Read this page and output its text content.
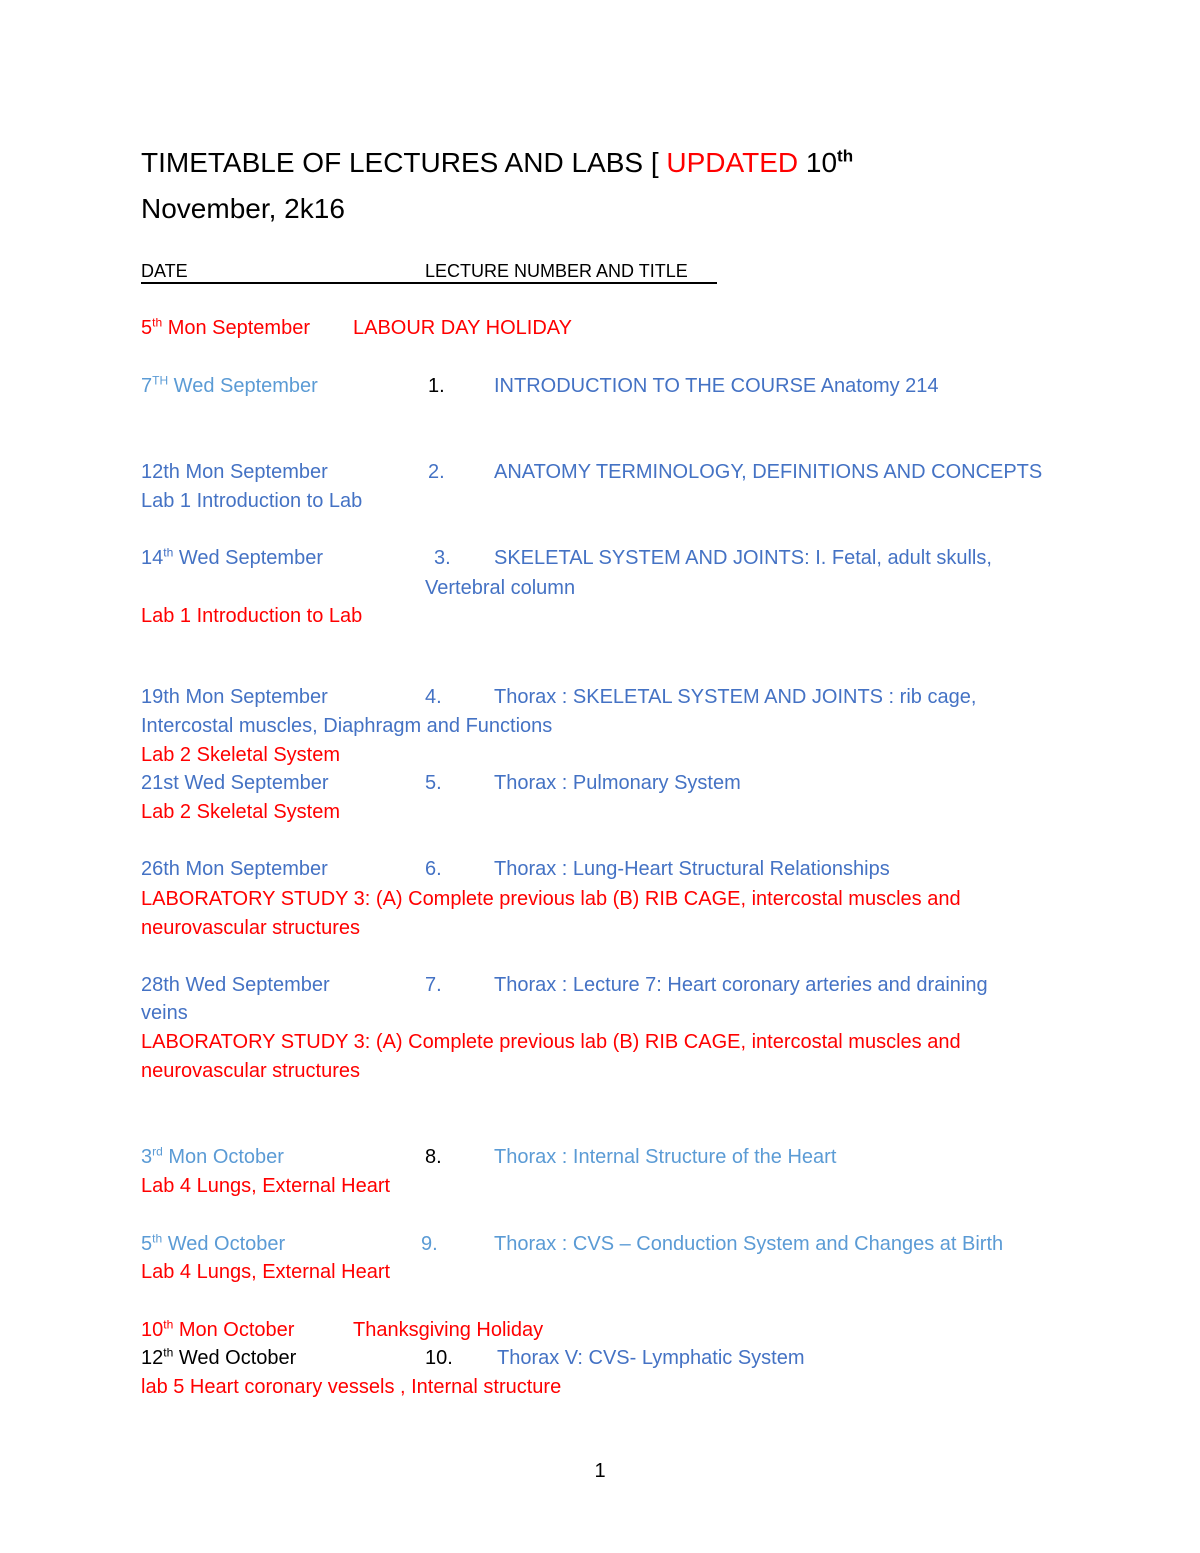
TIMETABLE OF LECTURES AND LABS [ UPDATED 10th
November, 2k16
DATE	LECTURE NUMBER AND TITLE
5th Mon September LABOUR DAY HOLIDAY
7TH Wed September	1. INTRODUCTION TO THE COURSE Anatomy 214
12th Mon September	2. ANATOMY TERMINOLOGY, DEFINITIONS AND CONCEPTS
Lab 1 Introduction to Lab
14th Wed September	3. SKELETAL SYSTEM AND JOINTS: I. Fetal, adult skulls,
Vertebral column
Lab 1 Introduction to Lab
19th Mon September	4.	Thorax : SKELETAL SYSTEM AND JOINTS : rib cage,
Intercostal muscles, Diaphragm and Functions
Lab 2 Skeletal System
21st Wed September	5.	Thorax : Pulmonary System
Lab 2 Skeletal System
26th Mon September	6.	Thorax : Lung-Heart Structural Relationships
LABORATORY STUDY 3: (A) Complete previous lab (B) RIB CAGE, intercostal muscles and
neurovascular structures
28th Wed September	7.	Thorax : Lecture 7: Heart coronary arteries and draining
veins
LABORATORY STUDY 3: (A) Complete previous lab (B) RIB CAGE, intercostal muscles and
neurovascular structures
3rd Mon October	8.	Thorax : Internal Structure of the Heart
Lab 4 Lungs, External Heart
5th Wed October	9.	Thorax : CVS – Conduction System and Changes at Birth
Lab 4 Lungs, External Heart
10th Mon October	Thanksgiving Holiday
12th Wed October	10. Thorax V: CVS- Lymphatic System
lab 5 Heart coronary vessels , Internal structure
1
